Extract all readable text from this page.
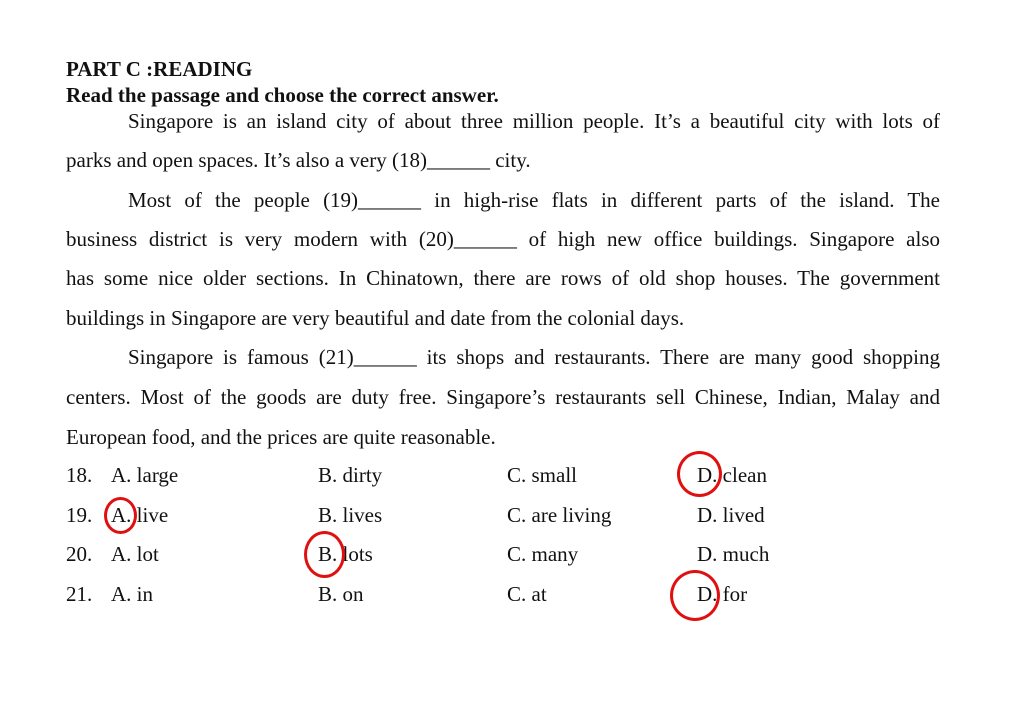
PART C :READING
Read the passage and choose the correct answer.
Singapore is an island city of about three million people. It’s a beautiful city with lots of
parks and open spaces. It’s also a very (18)______ city.
Most of the people (19)______ in high-rise flats in different parts of the island. The
business district is very modern with (20)______ of high new office buildings. Singapore also
has some nice older sections. In Chinatown, there are rows of old shop houses. The government
buildings in Singapore are very beautiful and date from the colonial days.
Singapore is famous (21)______ its shops and restaurants. There are many good shopping
centers. Most of the goods are duty free. Singapore’s restaurants sell Chinese, Indian, Malay and
European food, and the prices are quite reasonable.
18. A. large	B. dirty	C. small	D. clean
19. A. live	B. lives	C. are living	D. lived
20. A. lot	B. lots	C. many	D. much
21. A. in	B. on	C. at	D. for
